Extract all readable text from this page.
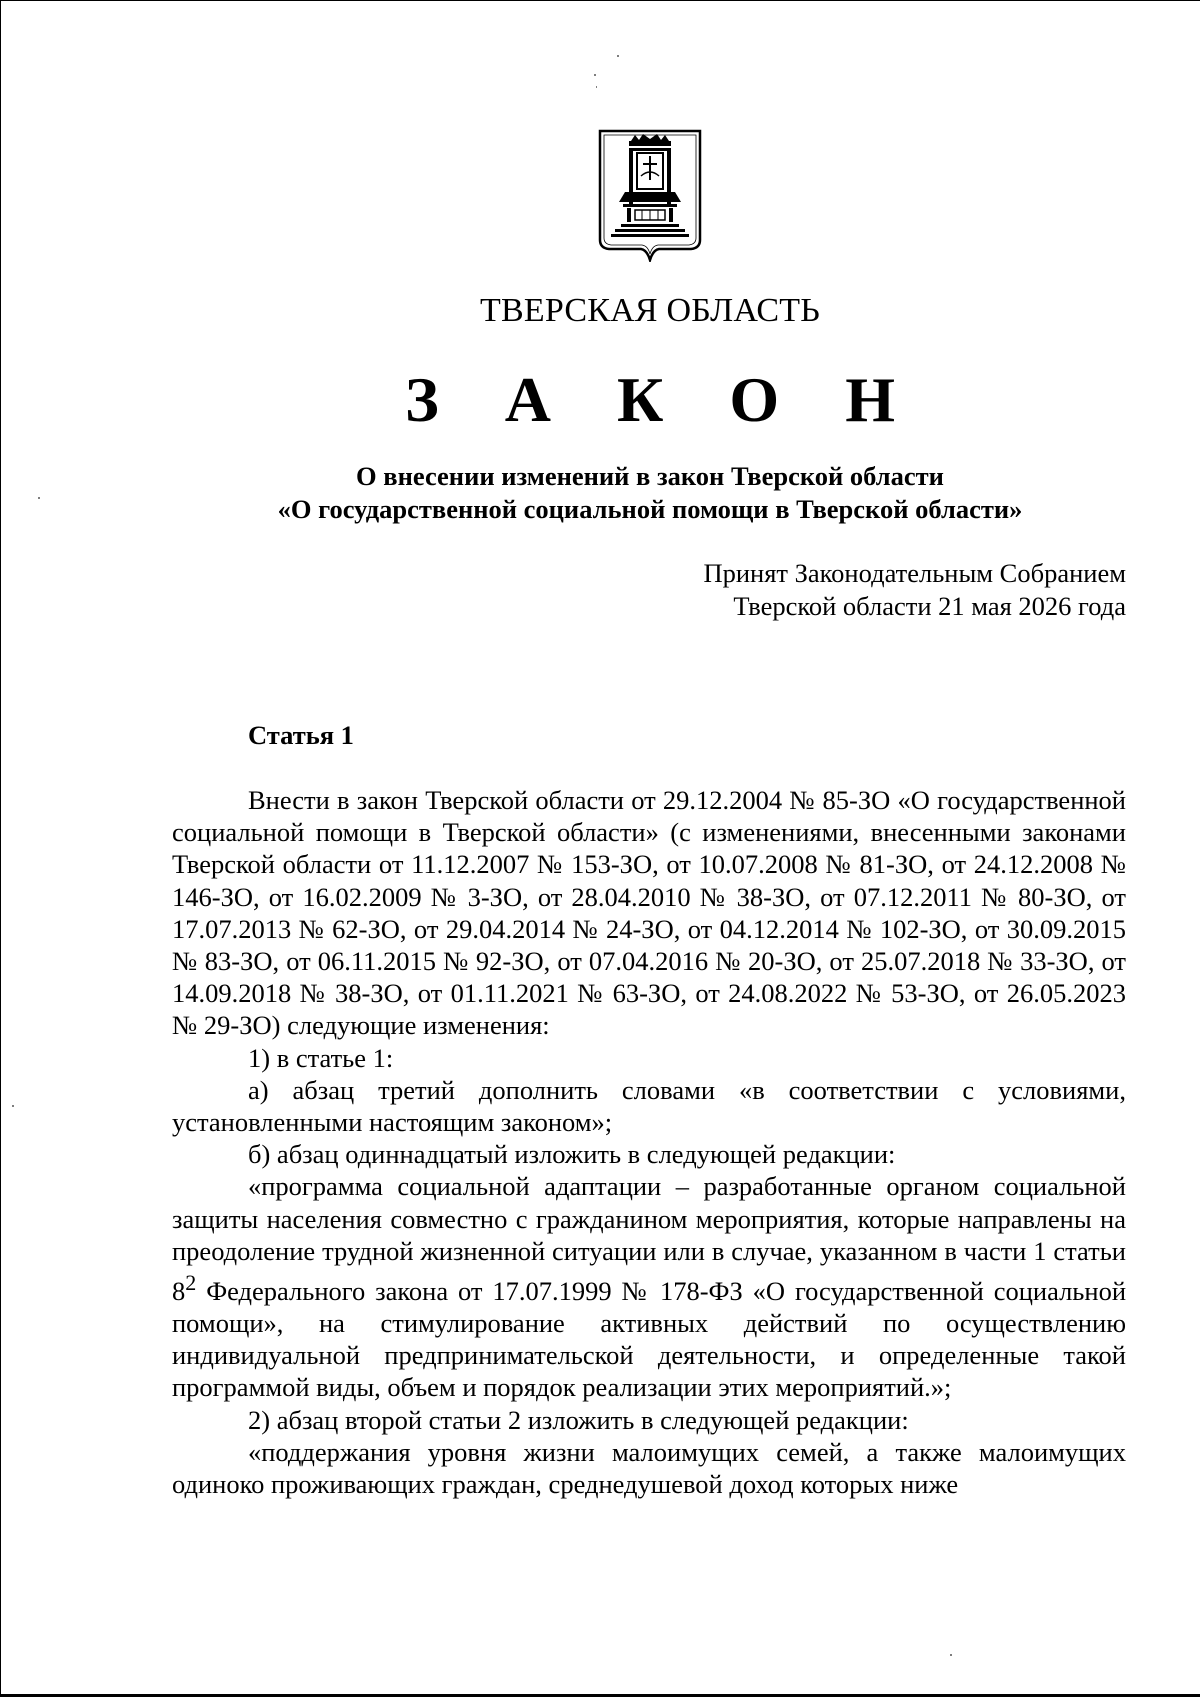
ТВЕРСКАЯ ОБЛАСТЬ
З А К О Н
О внесении изменений в закон Тверской области
«О государственной социальной помощи в Тверской области»
Принят Законодательным Собранием
Тверской области 21 мая 2026 года
Статья 1

Внести в закон Тверской области от 29.12.2004 № 85-ЗО «О государственной социальной помощи в Тверской области» (с изменениями, внесенными законами Тверской области от 11.12.2007 № 153-ЗО, от 10.07.2008 № 81-ЗО, от 24.12.2008 № 146-ЗО, от 16.02.2009 № 3-ЗО, от 28.04.2010 № 38-ЗО, от 07.12.2011 № 80-ЗО, от 17.07.2013 № 62-ЗО, от 29.04.2014 № 24-ЗО, от 04.12.2014 № 102-ЗО, от 30.09.2015 № 83-ЗО, от 06.11.2015 № 92-ЗО, от 07.04.2016 № 20-ЗО, от 25.07.2018 № 33-ЗО, от 14.09.2018 № 38-ЗО, от 01.11.2021 № 63-ЗО, от 24.08.2022 № 53-ЗО, от 26.05.2023 № 29-ЗО) следующие изменения:

1) в статье 1:

а) абзац третий дополнить словами «в соответствии с условиями, установленными настоящим законом»;

б) абзац одиннадцатый изложить в следующей редакции:

«программа социальной адаптации – разработанные органом социальной защиты населения совместно с гражданином мероприятия, которые направлены на преодоление трудной жизненной ситуации или в случае, указанном в части 1 статьи $8^2$ Федерального закона от 17.07.1999 № 178-ФЗ «О государственной социальной помощи», на стимулирование активных действий по осуществлению индивидуальной предпринимательской деятельности, и определенные такой программой виды, объем и порядок реализации этих мероприятий.»;

2) абзац второй статьи 2 изложить в следующей редакции:

«поддержания уровня жизни малоимущих семей, а также малоимущих одиноко проживающих граждан, среднедушевой доход которых ниже
